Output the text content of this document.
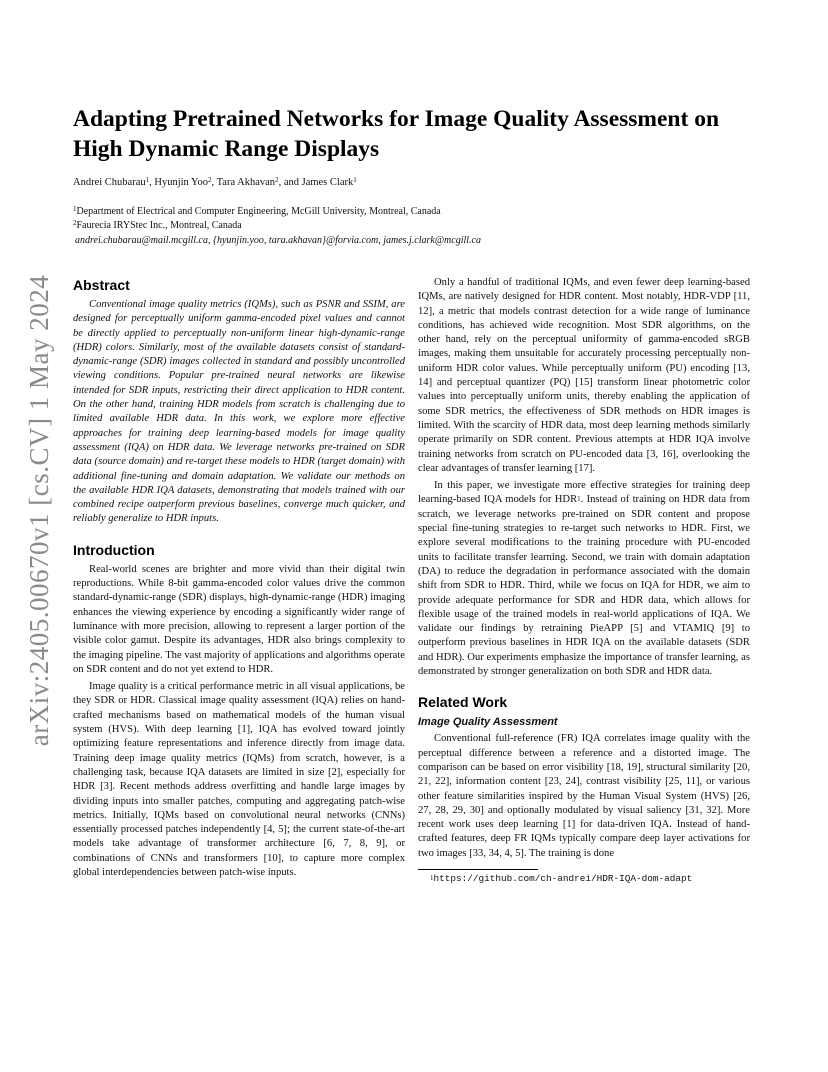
arXiv:2405.00670v1 [cs.CV] 1 May 2024
Adapting Pretrained Networks for Image Quality Assessment on High Dynamic Range Displays
Andrei Chubarau$^1$, Hyunjin Yoo$^2$, Tara Akhavan$^2$, and James Clark$^1$
$^1$Department of Electrical and Computer Engineering, McGill University, Montreal, Canada
$^2$Faurecia IRYStec Inc., Montreal, Canada
andrei.chubarau@mail.mcgill.ca, {hyunjin.yoo, tara.akhavan}@forvia.com, james.j.clark@mcgill.ca
Abstract

Conventional image quality metrics (IQMs), such as PSNR and SSIM, are designed for perceptually uniform gamma-encoded pixel values and cannot be directly applied to perceptually non-uniform linear high-dynamic-range (HDR) colors. Similarly, most of the available datasets consist of standard-dynamic-range (SDR) images collected in standard and possibly uncontrolled viewing conditions. Popular pre-trained neural networks are likewise intended for SDR inputs, restricting their direct application to HDR content. On the other hand, training HDR models from scratch is challenging due to limited available HDR data. In this work, we explore more effective approaches for training deep learning-based models for image quality assessment (IQA) on HDR data. We leverage networks pre-trained on SDR data (source domain) and re-target these models to HDR (target domain) with additional fine-tuning and domain adaptation. We validate our methods on the available HDR IQA datasets, demonstrating that models trained with our combined recipe outperform previous baselines, converge much quicker, and reliably generalize to HDR inputs.

Introduction

Real-world scenes are brighter and more vivid than their digital twin reproductions. While 8-bit gamma-encoded color values drive the common standard-dynamic-range (SDR) displays, high-dynamic-range (HDR) imaging enhances the viewing experience by encoding a significantly wider range of luminance with more precision, allowing to represent a larger portion of the visible color gamut. Despite its advantages, HDR also brings complexity to the imaging pipeline. The vast majority of applications and algorithms operate on SDR content and do not yet extend to HDR.

Image quality is a critical performance metric in all visual applications, be they SDR or HDR. Classical image quality assessment (IQA) relies on hand-crafted mechanisms based on mathematical models of the human visual system (HVS). With deep learning [1], IQA has evolved toward jointly optimizing feature representations and inference directly from image data. Training deep image quality metrics (IQMs) from scratch, however, is a challenging task, because IQA datasets are limited in size [2], especially for HDR [3]. Recent methods address overfitting and handle large images by dividing inputs into smaller patches, computing and aggregating patch-wise metrics. Initially, IQMs based on convolutional neural networks (CNNs) essentially processed patches independently [4, 5]; the current state-of-the-art models take advantage of transformer architecture [6, 7, 8, 9], or combinations of CNNs and transformers [10], to capture more complex global interdependencies between patch-wise inputs.

Only a handful of traditional IQMs, and even fewer deep learning-based IQMs, are natively designed for HDR content. Most notably, HDR-VDP [11, 12], a metric that models contrast detection for a wide range of luminance conditions, has achieved wide recognition. Most SDR algorithms, on the other hand, rely on the perceptual uniformity of gamma-encoded sRGB images, making them unsuitable for accurately processing perceptually non-uniform HDR color values. While perceptually uniform (PU) encoding [13, 14] and perceptual quantizer (PQ) [15] transform linear photometric color values into perceptually uniform units, thereby enabling the application of some SDR metrics, the effectiveness of SDR methods on HDR images is limited. With the scarcity of HDR data, most deep learning methods similarly operate primarily on SDR content. Previous attempts at HDR IQA involve training networks from scratch on PU-encoded data [3, 16], overlooking the clear advantages of transfer learning [17].

In this paper, we investigate more effective strategies for training deep learning-based IQA models for HDR$^1$. Instead of training on HDR data from scratch, we leverage networks pre-trained on SDR content and propose special fine-tuning strategies to re-target such networks to HDR. First, we explore several modifications to the training procedure with PU-encoded units to facilitate transfer learning. Second, we train with domain adaptation (DA) to reduce the degradation in performance associated with the domain shift from SDR to HDR. Third, while we focus on IQA for HDR, we aim to provide adequate performance for SDR and HDR data, which allows for flexible usage of the trained models in real-world applications of IQA. We validate our findings by retraining PieAPP [5] and VTAMIQ [9] to outperform previous baselines in HDR IQA on the available datasets (SDR and HDR). Our experiments emphasize the importance of transfer learning, as demonstrated by stronger generalization on both SDR and HDR data.

Related Work
Image Quality Assessment

Conventional full-reference (FR) IQA correlates image quality with the perceptual difference between a reference and a distorted image. The comparison can be based on error visibility [18, 19], structural similarity [20, 21, 22], information content [23, 24], contrast visibility [25, 11], or various other feature similarities inspired by the Human Visual System (HVS) [26, 27, 28, 29, 30] and optionally modulated by visual saliency [31, 32]. More recent work uses deep learning [1] for data-driven IQA. Instead of hand-crafted features, deep FR IQMs typically compare deep layer activations for two images [33, 34, 4, 5]. The training is done

$^1$https://github.com/ch-andrei/HDR-IQA-dom-adapt
